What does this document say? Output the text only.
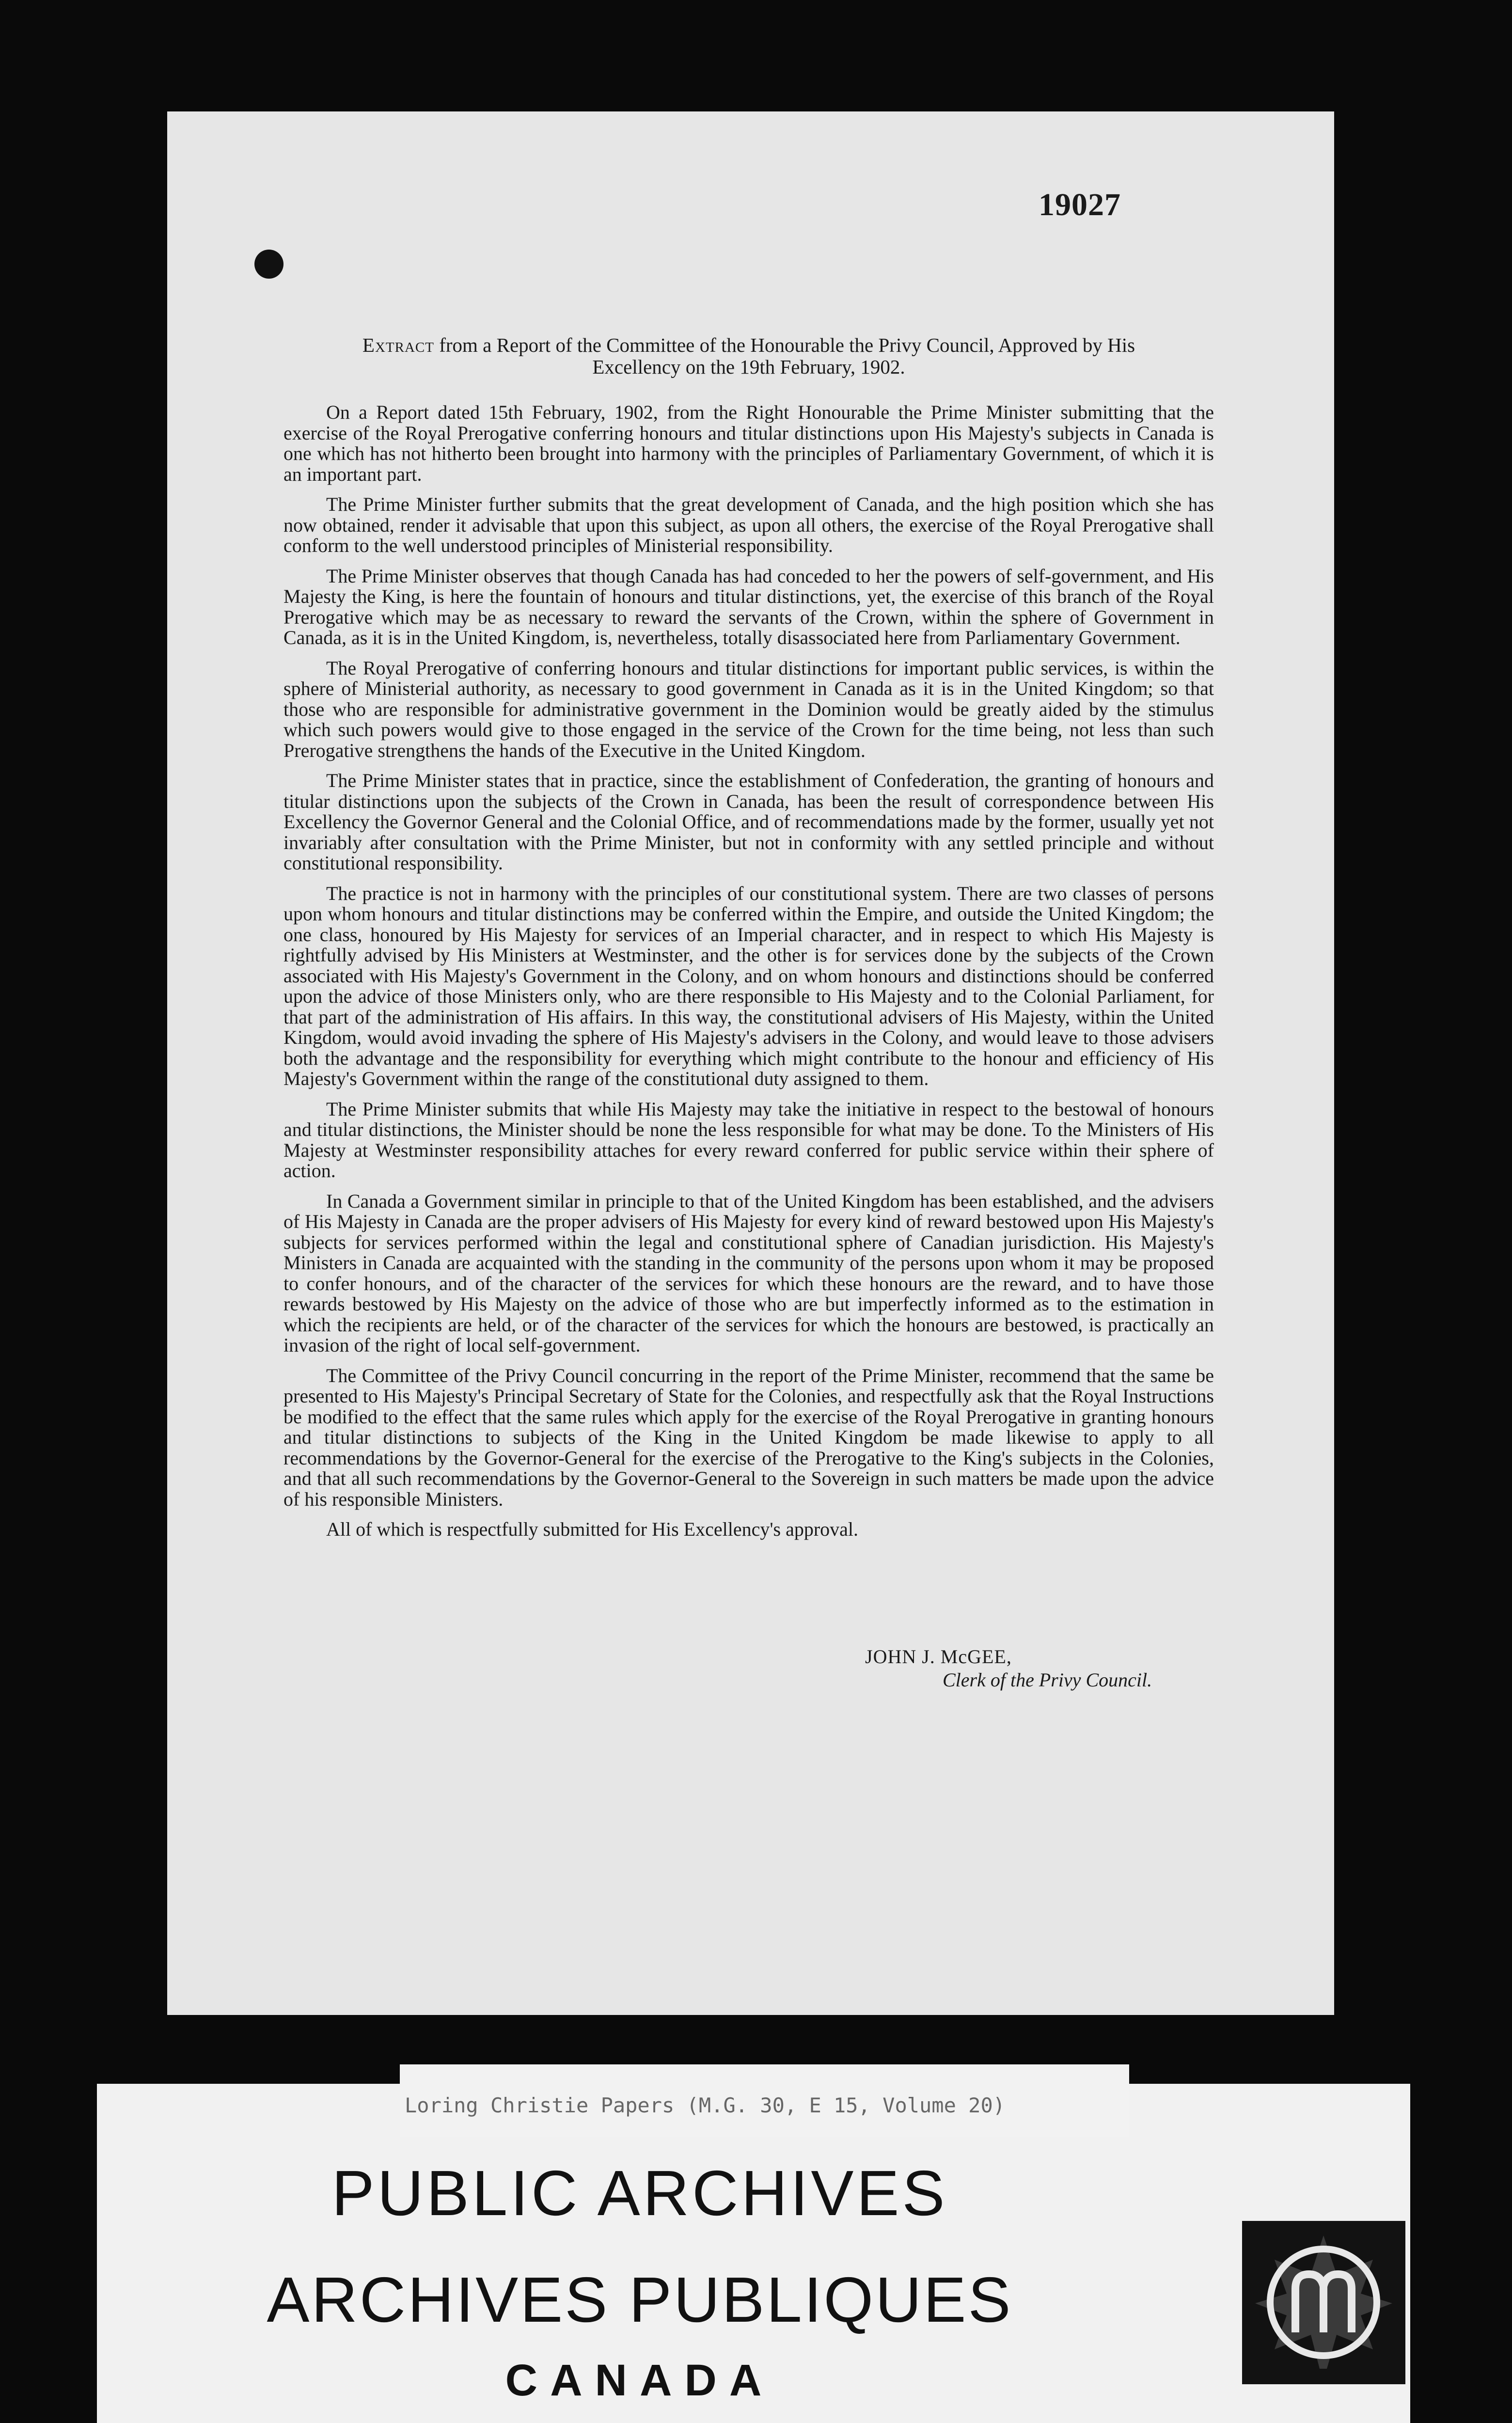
19027
Extract from a Report of the Committee of the Honourable the Privy Council, Approved by His Excellency on the 19th February, 1902.

On a Report dated 15th February, 1902, from the Right Honourable the Prime Minister submitting that the exercise of the Royal Prerogative conferring honours and titular distinctions upon His Majesty's subjects in Canada is one which has not hitherto been brought into harmony with the principles of Parliamentary Government, of which it is an important part.

The Prime Minister further submits that the great development of Canada, and the high position which she has now obtained, render it advisable that upon this subject, as upon all others, the exercise of the Royal Prerogative shall conform to the well understood principles of Ministerial responsibility.

The Prime Minister observes that though Canada has had conceded to her the powers of self-government, and His Majesty the King, is here the fountain of honours and titular distinctions, yet, the exercise of this branch of the Royal Prerogative which may be as necessary to reward the servants of the Crown, within the sphere of Government in Canada, as it is in the United Kingdom, is, nevertheless, totally disassociated here from Parliamentary Government.

The Royal Prerogative of conferring honours and titular distinctions for important public services, is within the sphere of Ministerial authority, as necessary to good government in Canada as it is in the United Kingdom; so that those who are responsible for administrative government in the Dominion would be greatly aided by the stimulus which such powers would give to those engaged in the service of the Crown for the time being, not less than such Prerogative strengthens the hands of the Executive in the United Kingdom.

The Prime Minister states that in practice, since the establishment of Confederation, the granting of honours and titular distinctions upon the subjects of the Crown in Canada, has been the result of correspondence between His Excellency the Governor General and the Colonial Office, and of recommendations made by the former, usually yet not invariably after consultation with the Prime Minister, but not in conformity with any settled principle and without constitutional responsibility.

The practice is not in harmony with the principles of our constitutional system. There are two classes of persons upon whom honours and titular distinctions may be conferred within the Empire, and outside the United Kingdom; the one class, honoured by His Majesty for services of an Imperial character, and in respect to which His Majesty is rightfully advised by His Ministers at Westminster, and the other is for services done by the subjects of the Crown associated with His Majesty's Government in the Colony, and on whom honours and distinctions should be conferred upon the advice of those Ministers only, who are there responsible to His Majesty and to the Colonial Parliament, for that part of the administration of His affairs. In this way, the constitutional advisers of His Majesty, within the United Kingdom, would avoid invading the sphere of His Majesty's advisers in the Colony, and would leave to those advisers both the advantage and the responsibility for everything which might contribute to the honour and efficiency of His Majesty's Government within the range of the constitutional duty assigned to them.

The Prime Minister submits that while His Majesty may take the initiative in respect to the bestowal of honours and titular distinctions, the Minister should be none the less responsible for what may be done. To the Ministers of His Majesty at Westminster responsibility attaches for every reward conferred for public service within their sphere of action.

In Canada a Government similar in principle to that of the United Kingdom has been established, and the advisers of His Majesty in Canada are the proper advisers of His Majesty for every kind of reward bestowed upon His Majesty's subjects for services performed within the legal and constitutional sphere of Canadian jurisdiction. His Majesty's Ministers in Canada are acquainted with the standing in the community of the persons upon whom it may be proposed to confer honours, and of the character of the services for which these honours are the reward, and to have those rewards bestowed by His Majesty on the advice of those who are but imperfectly informed as to the estimation in which the recipients are held, or of the character of the services for which the honours are bestowed, is practically an invasion of the right of local self-government.

The Committee of the Privy Council concurring in the report of the Prime Minister, recommend that the same be presented to His Majesty's Principal Secretary of State for the Colonies, and respectfully ask that the Royal Instructions be modified to the effect that the same rules which apply for the exercise of the Royal Prerogative in granting honours and titular distinctions to subjects of the King in the United Kingdom be made likewise to apply to all recommendations by the Governor-General for the exercise of the Prerogative to the King's subjects in the Colonies, and that all such recommendations by the Governor-General to the Sovereign in such matters be made upon the advice of his responsible Ministers.

All of which is respectfully submitted for His Excellency's approval.

JOHN J. McGEE,
Clerk of the Privy Council.
PUBLIC ARCHIVES
ARCHIVES PUBLIQUES
CANADA
Loring Christie Papers (M.G. 30, E 15, Volume 20)
